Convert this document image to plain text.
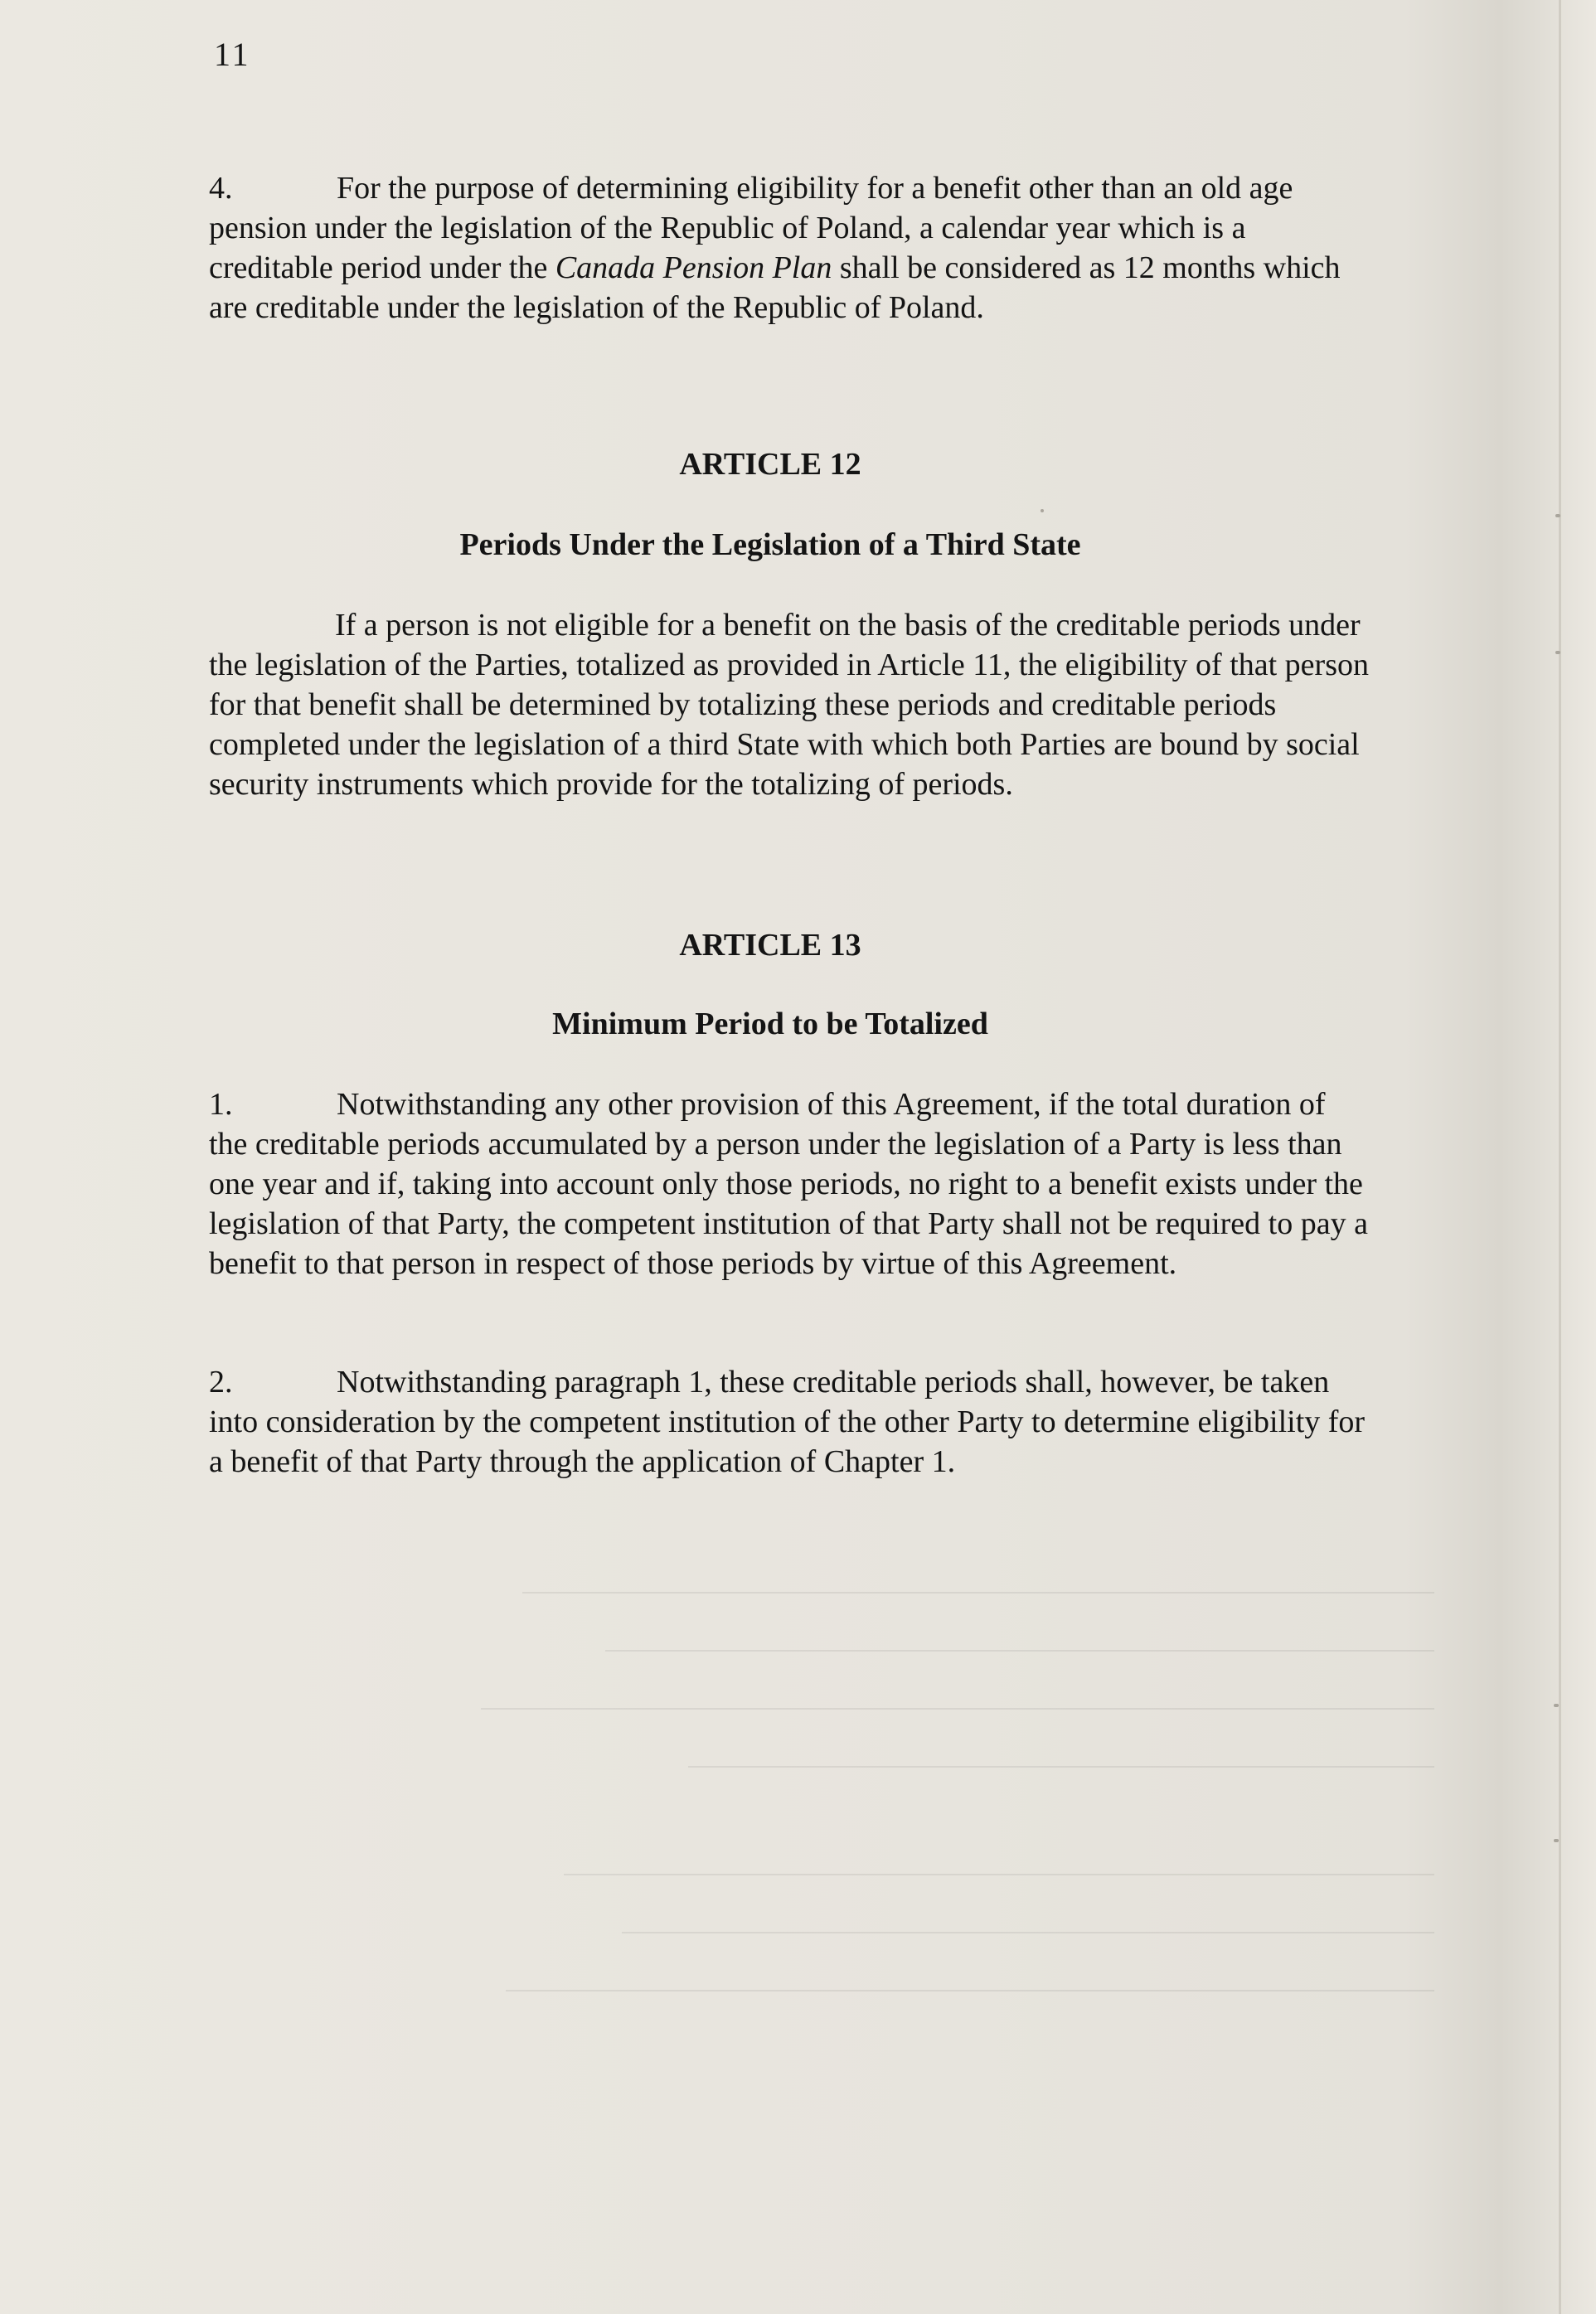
11

4.	For the purpose of determining eligibility for a benefit other than an old age pension under the legislation of the Republic of Poland, a calendar year which is a creditable period under the Canada Pension Plan shall be considered as 12 months which are creditable under the legislation of the Republic of Poland.

ARTICLE 12
Periods Under the Legislation of a Third State

If a person is not eligible for a benefit on the basis of the creditable periods under the legislation of the Parties, totalized as provided in Article 11, the eligibility of that person for that benefit shall be determined by totalizing these periods and creditable periods completed under the legislation of a third State with which both Parties are bound by social security instruments which provide for the totalizing of periods.

ARTICLE 13
Minimum Period to be Totalized

1.	Notwithstanding any other provision of this Agreement, if the total duration of the creditable periods accumulated by a person under the legislation of a Party is less than one year and if, taking into account only those periods, no right to a benefit exists under the legislation of that Party, the competent institution of that Party shall not be required to pay a benefit to that person in respect of those periods by virtue of this Agreement.

2.	Notwithstanding paragraph 1, these creditable periods shall, however, be taken into consideration by the competent institution of the other Party to determine eligibility for a benefit of that Party through the application of Chapter 1.
